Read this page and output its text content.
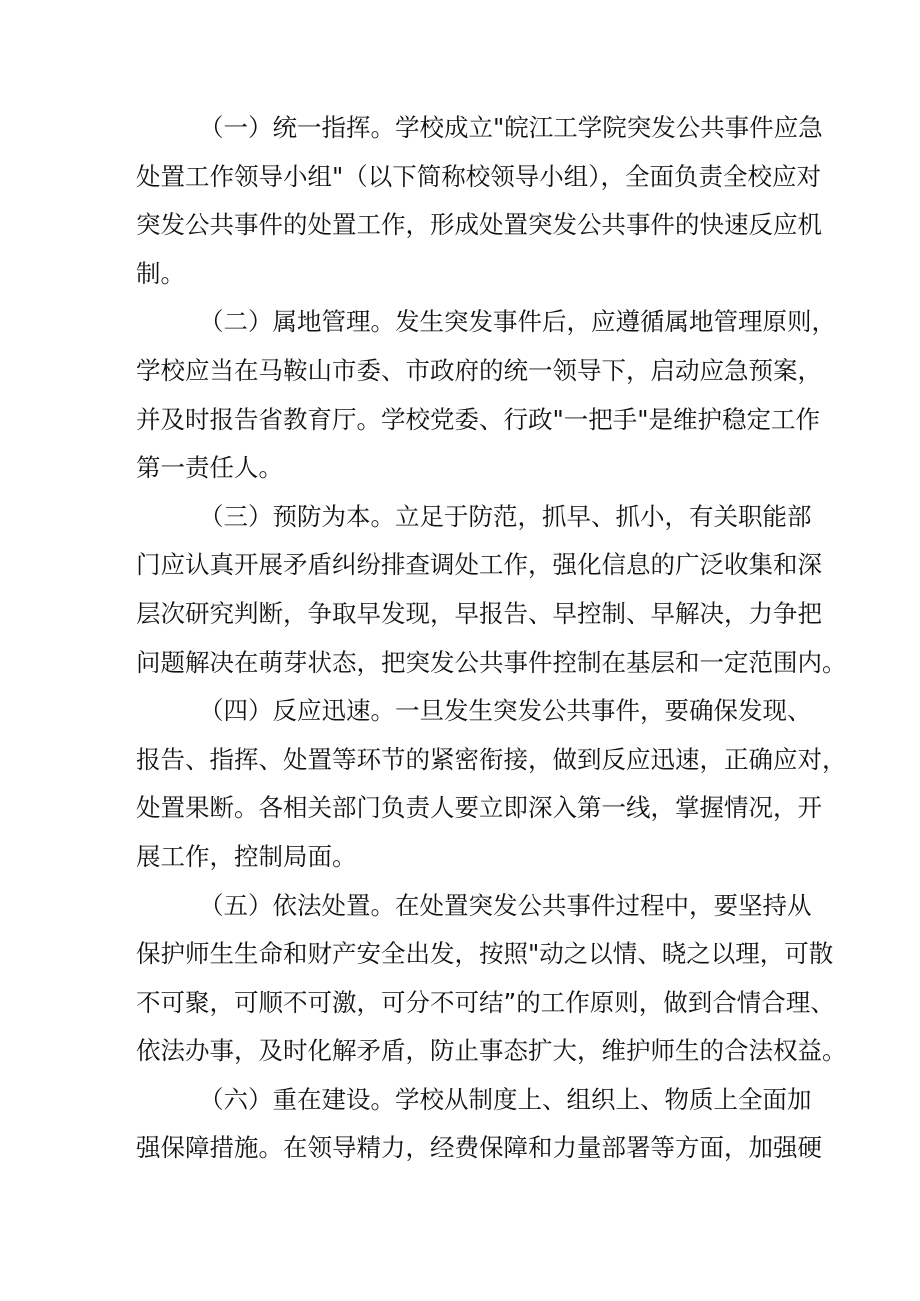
（一）统一指挥。学校成立"皖江工学院突发公共事件应急
处置工作领导小组"（以下简称校领导小组），全面负责全校应对
突发公共事件的处置工作，形成处置突发公共事件的快速反应机
制。
（二）属地管理。发生突发事件后，应遵循属地管理原则，
学校应当在马鞍山市委、市政府的统一领导下，启动应急预案，
并及时报告省教育厅。学校党委、行政"一把手"是维护稳定工作
第一责任人。
（三）预防为本。立足于防范，抓早、抓小，有关职能部
门应认真开展矛盾纠纷排查调处工作，强化信息的广泛收集和深
层次研究判断，争取早发现，早报告、早控制、早解决，力争把
问题解决在萌芽状态，把突发公共事件控制在基层和一定范围内。
（四）反应迅速。一旦发生突发公共事件，要确保发现、
报告、指挥、处置等环节的紧密衔接，做到反应迅速，正确应对，
处置果断。各相关部门负责人要立即深入第一线，掌握情况，开
展工作，控制局面。
（五）依法处置。在处置突发公共事件过程中，要坚持从
保护师生生命和财产安全出发，按照"动之以情、晓之以理，可散
不可聚，可顺不可激，可分不可结”的工作原则，做到合情合理、
依法办事，及时化解矛盾，防止事态扩大，维护师生的合法权益。
（六）重在建设。学校从制度上、组织上、物质上全面加
强保障措施。在领导精力，经费保障和力量部署等方面，加强硬
